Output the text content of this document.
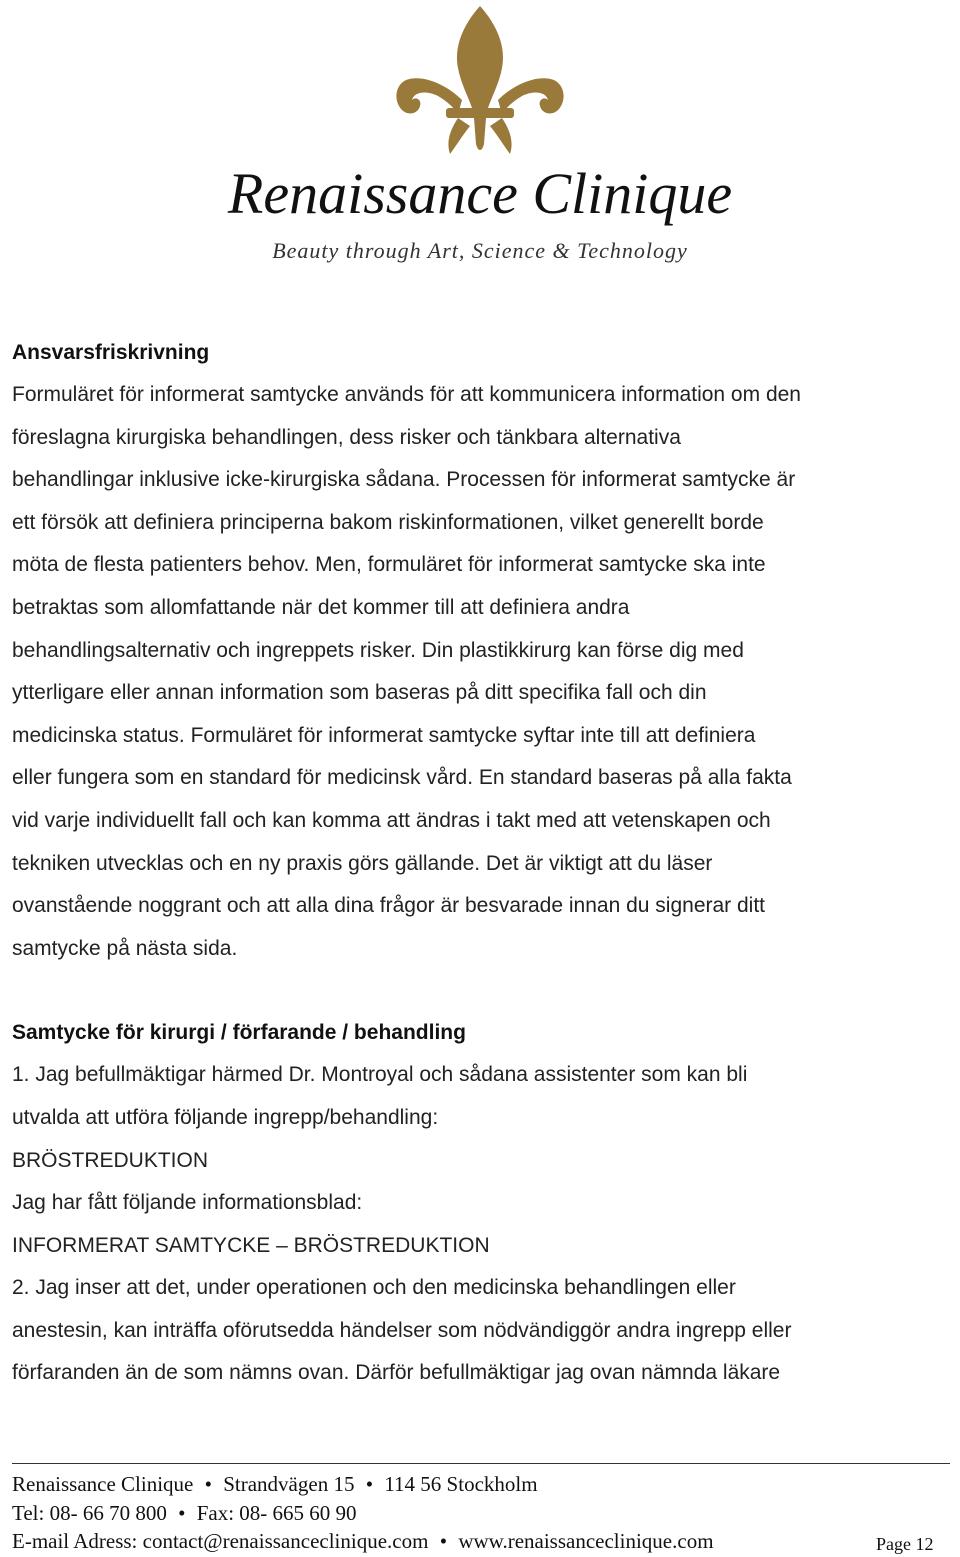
Renaissance Clinique
Beauty through Art, Science & Technology

Ansvarsfriskrivning

Formuläret för informerat samtycke används för att kommunicera information om den
föreslagna kirurgiska behandlingen, dess risker och tänkbara alternativa
behandlingar inklusive icke-kirurgiska sådana. Processen för informerat samtycke är
ett försök att definiera principerna bakom riskinformationen, vilket generellt borde
möta de flesta patienters behov. Men, formuläret för informerat samtycke ska inte
betraktas som allomfattande när det kommer till att definiera andra
behandlingsalternativ och ingreppets risker. Din plastikkirurg kan förse dig med
ytterligare eller annan information som baseras på ditt specifika fall och din
medicinska status. Formuläret för informerat samtycke syftar inte till att definiera
eller fungera som en standard för medicinsk vård. En standard baseras på alla fakta
vid varje individuellt fall och kan komma att ändras i takt med att vetenskapen och
tekniken utvecklas och en ny praxis görs gällande. Det är viktigt att du läser
ovanstående noggrant och att alla dina frågor är besvarade innan du signerar ditt
samtycke på nästa sida.

Samtycke för kirurgi / förfarande / behandling

1. Jag befullmäktigar härmed Dr. Montroyal och sådana assistenter som kan bli
utvalda att utföra följande ingrepp/behandling:
BRÖSTREDUKTION
Jag har fått följande informationsblad:
INFORMERAT SAMTYCKE – BRÖSTREDUKTION
2. Jag inser att det, under operationen och den medicinska behandlingen eller
anestesin, kan inträffa oförutsedda händelser som nödvändiggör andra ingrepp eller
förfaranden än de som nämns ovan. Därför befullmäktigar jag ovan nämnda läkare

Renaissance Clinique • Strandvägen 15 • 114 56 Stockholm
Tel: 08- 66 70 800 • Fax: 08- 665 60 90
E-mail Adress: contact@renaissanceclinique.com • www.renaissanceclinique.com	Page 12
